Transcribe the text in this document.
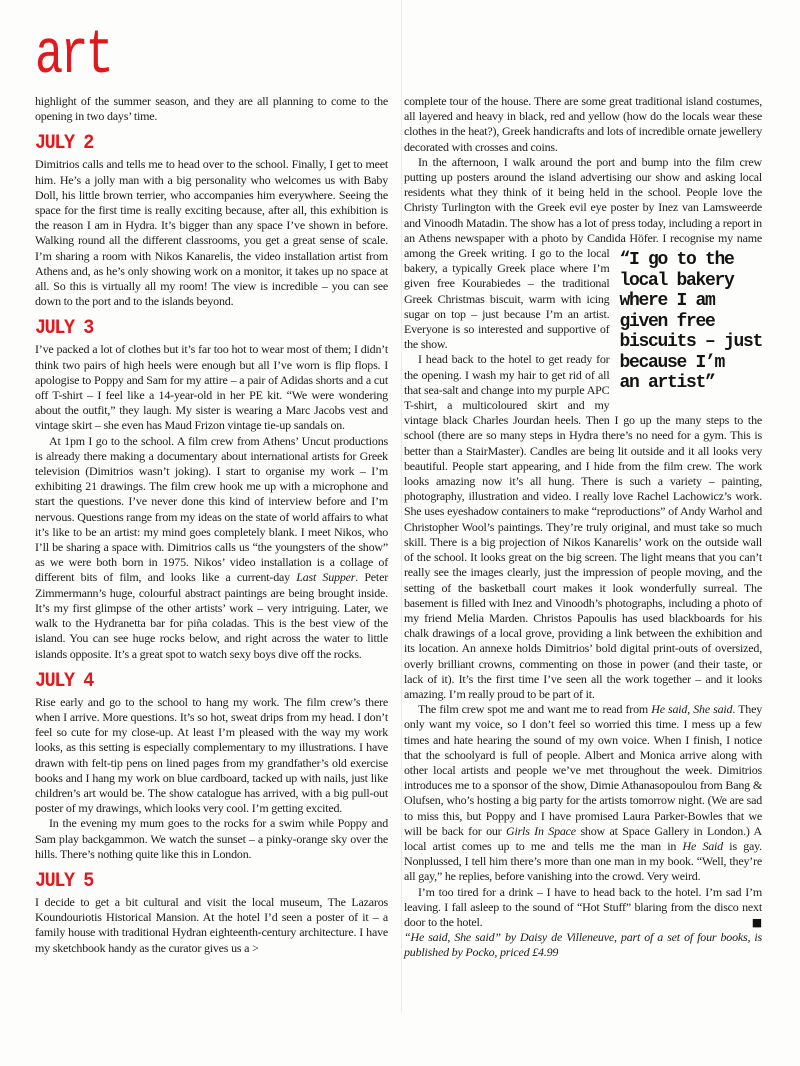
art

highlight of the summer season, and they are all planning to come to the opening in two days’ time.

JULY 2

Dimitrios calls and tells me to head over to the school. Finally, I get to meet him. He’s a jolly man with a big personality who welcomes us with Baby Doll, his little brown terrier, who accompanies him everywhere. Seeing the space for the first time is really exciting because, after all, this exhibition is the reason I am in Hydra. It’s bigger than any space I’ve shown in before. Walking round all the different classrooms, you get a great sense of scale. I’m sharing a room with Nikos Kanarelis, the video installation artist from Athens and, as he’s only showing work on a monitor, it takes up no space at all. So this is virtually all my room! The view is incredible – you can see down to the port and to the islands beyond.

JULY 3

I’ve packed a lot of clothes but it’s far too hot to wear most of them; I didn’t think two pairs of high heels were enough but all I’ve worn is flip flops. I apologise to Poppy and Sam for my attire – a pair of Adidas shorts and a cut off T-shirt – I feel like a 14-year-old in her PE kit. “We were wondering about the outfit,” they laugh. My sister is wearing a Marc Jacobs vest and vintage skirt – she even has Maud Frizon vintage tie-up sandals on.

At 1pm I go to the school. A film crew from Athens’ Uncut productions is already there making a documentary about international artists for Greek television (Dimitrios wasn’t joking). I start to organise my work – I’m exhibiting 21 drawings. The film crew hook me up with a microphone and start the questions. I’ve never done this kind of interview before and I’m nervous. Questions range from my ideas on the state of world affairs to what it’s like to be an artist: my mind goes completely blank. I meet Nikos, who I’ll be sharing a space with. Dimitrios calls us “the youngsters of the show” as we were both born in 1975. Nikos’ video installation is a collage of different bits of film, and looks like a current-day Last Supper. Peter Zimmermann’s huge, colourful abstract paintings are being brought inside. It’s my first glimpse of the other artists’ work – very intriguing. Later, we walk to the Hydranetta bar for piña coladas. This is the best view of the island. You can see huge rocks below, and right across the water to little islands opposite. It’s a great spot to watch sexy boys dive off the rocks.

JULY 4

Rise early and go to the school to hang my work. The film crew’s there when I arrive. More questions. It’s so hot, sweat drips from my head. I don’t feel so cute for my close-up. At least I’m pleased with the way my work looks, as this setting is especially complementary to my illustrations. I have drawn with felt-tip pens on lined pages from my grandfather’s old exercise books and I hang my work on blue cardboard, tacked up with nails, just like children’s art would be. The show catalogue has arrived, with a big pull-out poster of my drawings, which looks very cool. I’m getting excited.

In the evening my mum goes to the rocks for a swim while Poppy and Sam play backgammon. We watch the sunset – a pinky-orange sky over the hills. There’s nothing quite like this in London.

JULY 5

I decide to get a bit cultural and visit the local museum, The Lazaros Koundouriotis Historical Mansion. At the hotel I’d seen a poster of it – a family house with traditional Hydran eighteenth-century architecture. I have my sketchbook handy as the curator gives us a >

complete tour of the house. There are some great traditional island costumes, all layered and heavy in black, red and yellow (how do the locals wear these clothes in the heat?), Greek handicrafts and lots of incredible ornate jewellery decorated with crosses and coins.

In the afternoon, I walk around the port and bump into the film crew putting up posters around the island advertising our show and asking local residents what they think of it being held in the school. People love the Christy Turlington with the Greek evil eye poster by Inez van Lamsweerde and Vinoodh Matadin. The show has a lot of press today, including a report in an Athens newspaper with a photo by Candida Höfer. I recognise my name among the Greek writing. I	“I go to the
local bakery
where I am
given free
biscuits – just
because I’m
an artist”
go to the local bakery, a typically Greek place where I’m given free Kourabiedes – the traditional Greek Christmas biscuit, warm with icing sugar on top – just because I’m an artist. Everyone is so interested and supportive of the show.

I head back to the hotel to get ready for the opening. I wash my hair to get rid of all that sea-salt and change into my purple APC T-shirt, a multicoloured skirt and my vintage black Charles Jourdan heels. Then I go up the many steps to the school (there are so many steps in Hydra there’s no need for a gym. This is better than a StairMaster). Candles are being lit outside and it all looks very beautiful. People start appearing, and I hide from the film crew. The work looks amazing now it’s all hung. There is such a variety – painting, photography, illustration and video. I really love Rachel Lachowicz’s work. She uses eyeshadow containers to make “reproductions” of Andy Warhol and Christopher Wool’s paintings. They’re truly original, and must take so much skill. There is a big projection of Nikos Kanarelis’ work on the outside wall of the school. It looks great on the big screen. The light means that you can’t really see the images clearly, just the impression of people moving, and the setting of the basketball court makes it look wonderfully surreal. The basement is filled with Inez and Vinoodh’s photographs, including a photo of my friend Melia Marden. Christos Papoulis has used blackboards for his chalk drawings of a local grove, providing a link between the exhibition and its location. An annexe holds Dimitrios’ bold digital print-outs of oversized, overly brilliant crowns, commenting on those in power (and their taste, or lack of it). It’s the first time I’ve seen all the work together – and it looks amazing. I’m really proud to be part of it.

The film crew spot me and want me to read from He said, She said. They only want my voice, so I don’t feel so worried this time. I mess up a few times and hate hearing the sound of my own voice. When I finish, I notice that the schoolyard is full of people. Albert and Monica arrive along with other local artists and people we’ve met throughout the week. Dimitrios introduces me to a sponsor of the show, Dimie Athanasopoulou from Bang & Olufsen, who’s hosting a big party for the artists tomorrow night. (We are sad to miss this, but Poppy and I have promised Laura Parker-Bowles that we will be back for our Girls In Space show at Space Gallery in London.) A local artist comes up to me and tells me the man in He Said is gay. Nonplussed, I tell him there’s more than one man in my book. “Well, they’re all gay,” he replies, before vanishing into the crowd. Very weird.

I’m too tired for a drink – I have to head back to the hotel. I’m sad I’m leaving. I fall asleep to the sound of “Hot Stuff” blaring from the disco next door to the hotel.	■

“He said, She said” by Daisy de Villeneuve, part of a set of four books, is published by Pocko, priced £4.99
